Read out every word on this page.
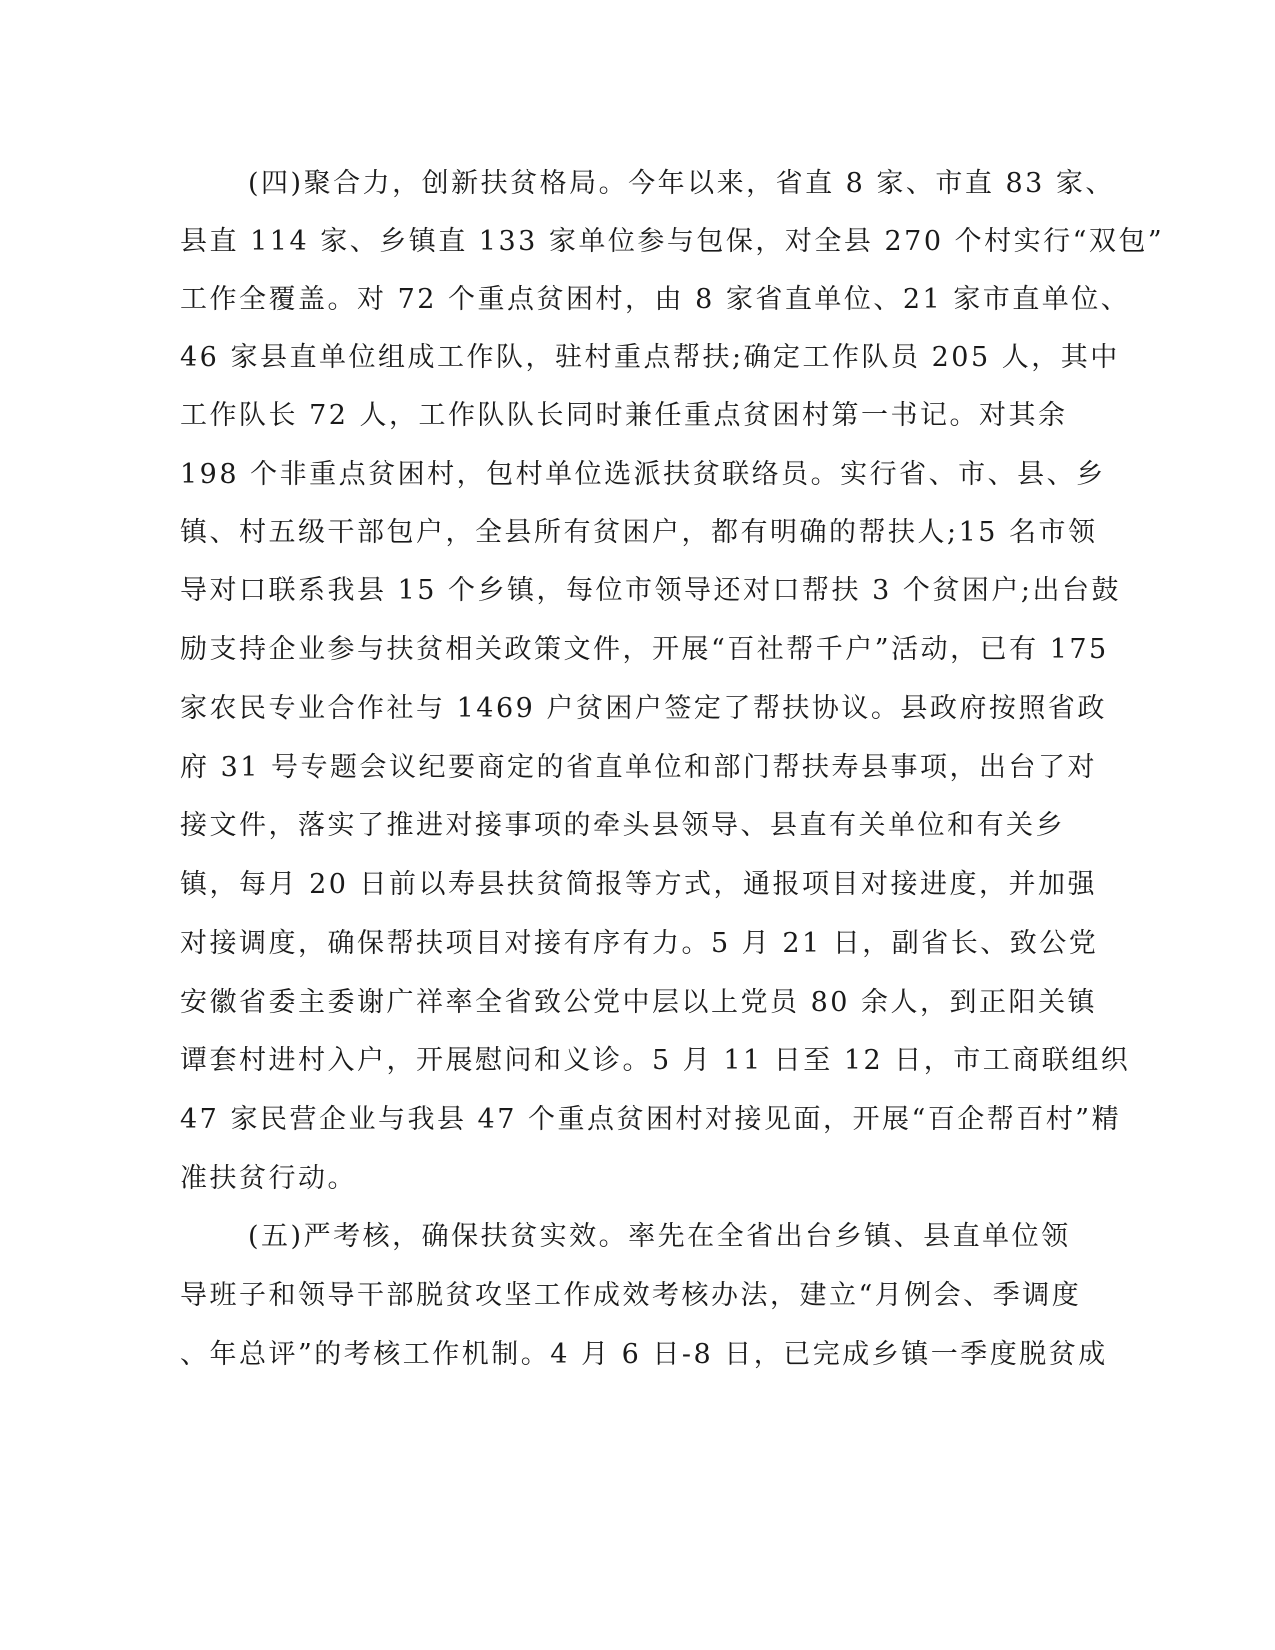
(四)聚合力，创新扶贫格局。今年以来，省直 8 家、市直 83 家、
县直 114 家、乡镇直 133 家单位参与包保，对全县 270 个村实行“双包”
工作全覆盖。对 72 个重点贫困村，由 8 家省直单位、21 家市直单位、
46 家县直单位组成工作队，驻村重点帮扶;确定工作队员 205 人，其中
工作队长 72 人，工作队队长同时兼任重点贫困村第一书记。对其余
198 个非重点贫困村，包村单位选派扶贫联络员。实行省、市、县、乡
镇、村五级干部包户，全县所有贫困户，都有明确的帮扶人;15 名市领
导对口联系我县 15 个乡镇，每位市领导还对口帮扶 3 个贫困户;出台鼓
励支持企业参与扶贫相关政策文件，开展“百社帮千户”活动，已有 175
家农民专业合作社与 1469 户贫困户签定了帮扶协议。县政府按照省政
府 31 号专题会议纪要商定的省直单位和部门帮扶寿县事项，出台了对
接文件，落实了推进对接事项的牵头县领导、县直有关单位和有关乡
镇，每月 20 日前以寿县扶贫简报等方式，通报项目对接进度，并加强
对接调度，确保帮扶项目对接有序有力。5 月 21 日，副省长、致公党
安徽省委主委谢广祥率全省致公党中层以上党员 80 余人，到正阳关镇
谭套村进村入户，开展慰问和义诊。5 月 11 日至 12 日，市工商联组织
47 家民营企业与我县 47 个重点贫困村对接见面，开展“百企帮百村”精
准扶贫行动。
(五)严考核，确保扶贫实效。率先在全省出台乡镇、县直单位领
导班子和领导干部脱贫攻坚工作成效考核办法，建立“月例会、季调度
、年总评”的考核工作机制。4 月 6 日-8 日，已完成乡镇一季度脱贫成
